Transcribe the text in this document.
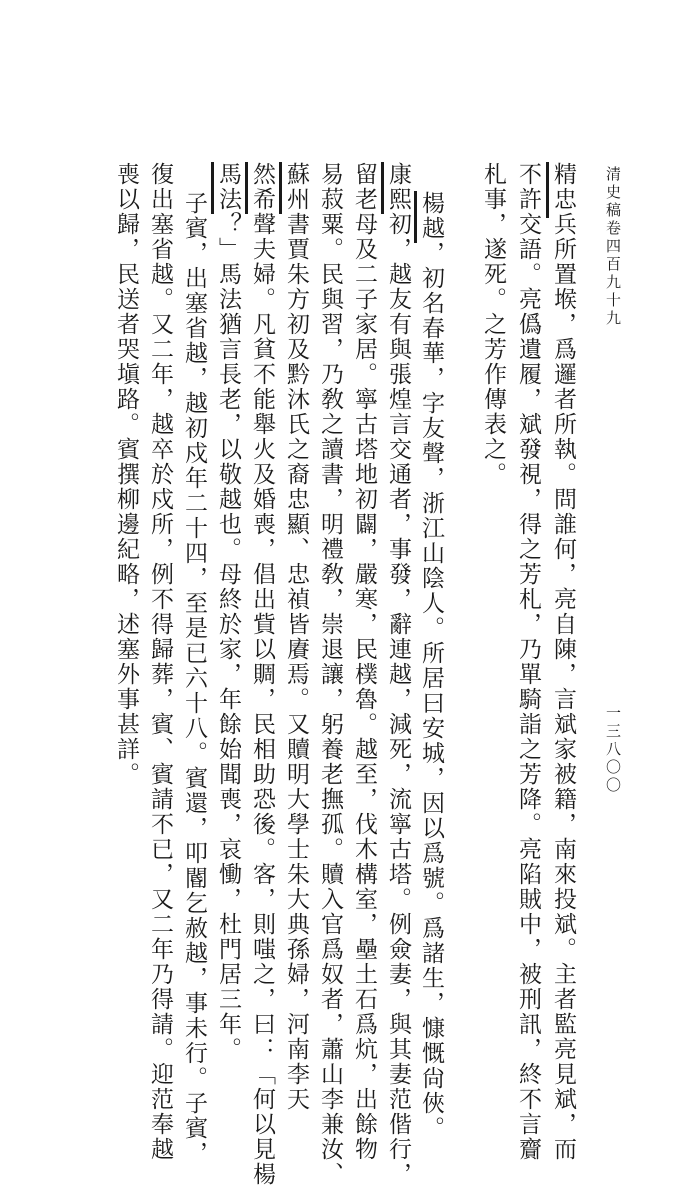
清史稿卷四百九十九
一三八〇〇
精忠兵所置堠，爲邏者所執。問誰何，亮自陳，言斌家被籍，南來投斌。主者監亮見斌，而
不許交語。亮僞遺履，斌發視，得之芳札，乃單騎詣之芳降。亮陷賊中，被刑訊，終不言齎
札事，遂死。之芳作傳表之。
楊越，初名春華，字友聲，浙江山陰人。所居曰安城，因以爲號。爲諸生，慷慨尙俠。
康熙初，越友有與張煌言交通者，事發，辭連越，減死，流寧古塔。例僉妻，與其妻范偕行，
留老母及二子家居。寧古塔地初闢，嚴寒，民樸魯。越至，伐木構室，壘土石爲炕，出餘物
易菽粟。民與習，乃敎之讀書，明禮敎，崇退讓，躬養老撫孤。贖入官爲奴者，蕭山李兼汝、
蘇州書賈朱方初及黔沐氏之裔忠顯、忠禎皆賡焉。又贖明大學士朱大典孫婦，河南李天
然希聲夫婦。凡貧不能舉火及婚喪，倡出貲以賙，民相助恐後。客，則嗤之，曰：「何以見楊
馬法？」馬法猶言長老，以敬越也。母終於家，年餘始聞喪，哀慟，杜門居三年。
子賓，出塞省越，越初戍年二十四，至是已六十八。賓還，叩閽乞赦越，事未行。子賓，
復出塞省越。又二年，越卒於戍所，例不得歸葬，賓、賓請不已，又二年乃得請。迎范奉越
喪以歸，民送者哭塡路。賓撰柳邊紀略，述塞外事甚詳。
